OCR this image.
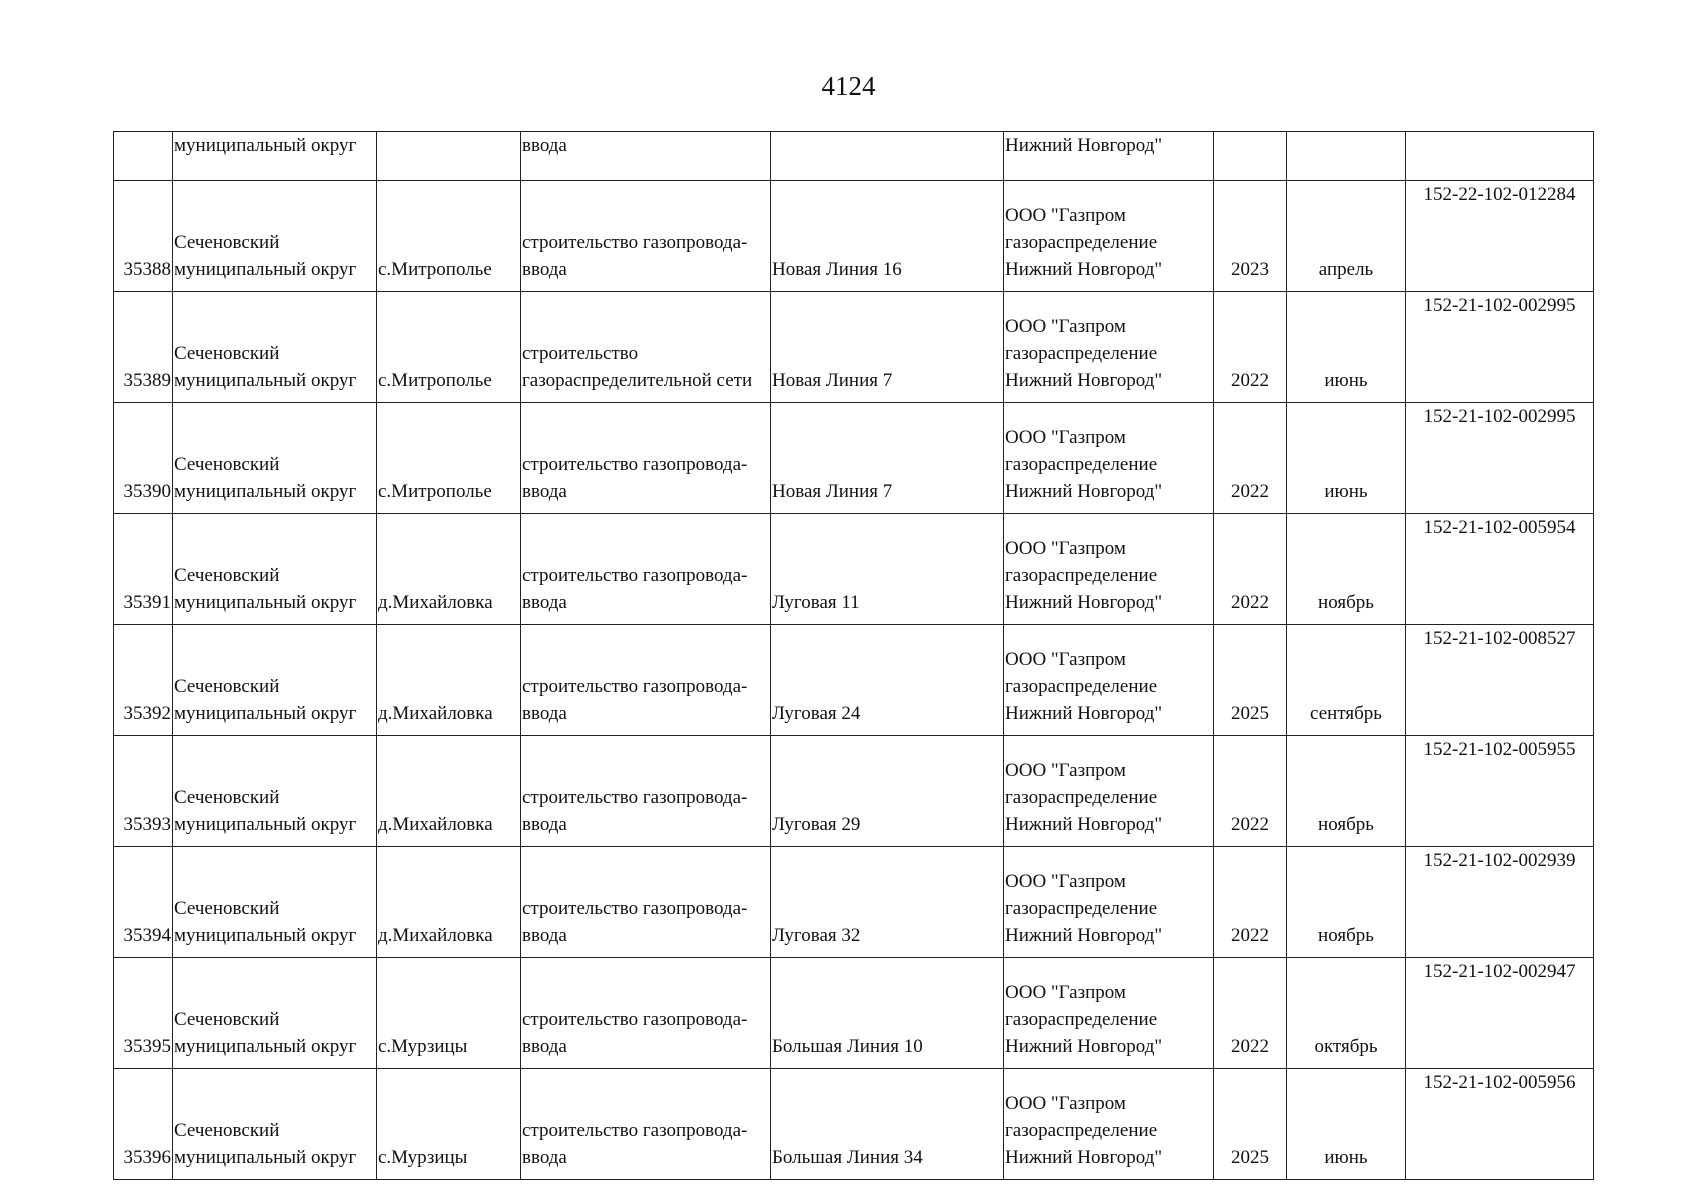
4124
	муниципальный округ		ввода		Нижний Новгород"			

35388	Сеченовский
муниципальный округ	с.Митрополье	строительство газопровода-
ввода	Новая Линия 16	ООО "Газпром
газораспределение
Нижний Новгород"	2023	апрель	152-22-102-012284
35389	Сеченовский
муниципальный округ	с.Митрополье	строительство
газораспределительной сети	Новая Линия 7	ООО "Газпром
газораспределение
Нижний Новгород"	2022	июнь	152-21-102-002995
35390	Сеченовский
муниципальный округ	с.Митрополье	строительство газопровода-
ввода	Новая Линия 7	ООО "Газпром
газораспределение
Нижний Новгород"	2022	июнь	152-21-102-002995
35391	Сеченовский
муниципальный округ	д.Михайловка	строительство газопровода-
ввода	Луговая 11	ООО "Газпром
газораспределение
Нижний Новгород"	2022	ноябрь	152-21-102-005954
35392	Сеченовский
муниципальный округ	д.Михайловка	строительство газопровода-
ввода	Луговая 24	ООО "Газпром
газораспределение
Нижний Новгород"	2025	сентябрь	152-21-102-008527
35393	Сеченовский
муниципальный округ	д.Михайловка	строительство газопровода-
ввода	Луговая 29	ООО "Газпром
газораспределение
Нижний Новгород"	2022	ноябрь	152-21-102-005955
35394	Сеченовский
муниципальный округ	д.Михайловка	строительство газопровода-
ввода	Луговая 32	ООО "Газпром
газораспределение
Нижний Новгород"	2022	ноябрь	152-21-102-002939
35395	Сеченовский
муниципальный округ	с.Мурзицы	строительство газопровода-
ввода	Большая Линия 10	ООО "Газпром
газораспределение
Нижний Новгород"	2022	октябрь	152-21-102-002947
35396	Сеченовский
муниципальный округ	с.Мурзицы	строительство газопровода-
ввода	Большая Линия 34	ООО "Газпром
газораспределение
Нижний Новгород"	2025	июнь	152-21-102-005956
